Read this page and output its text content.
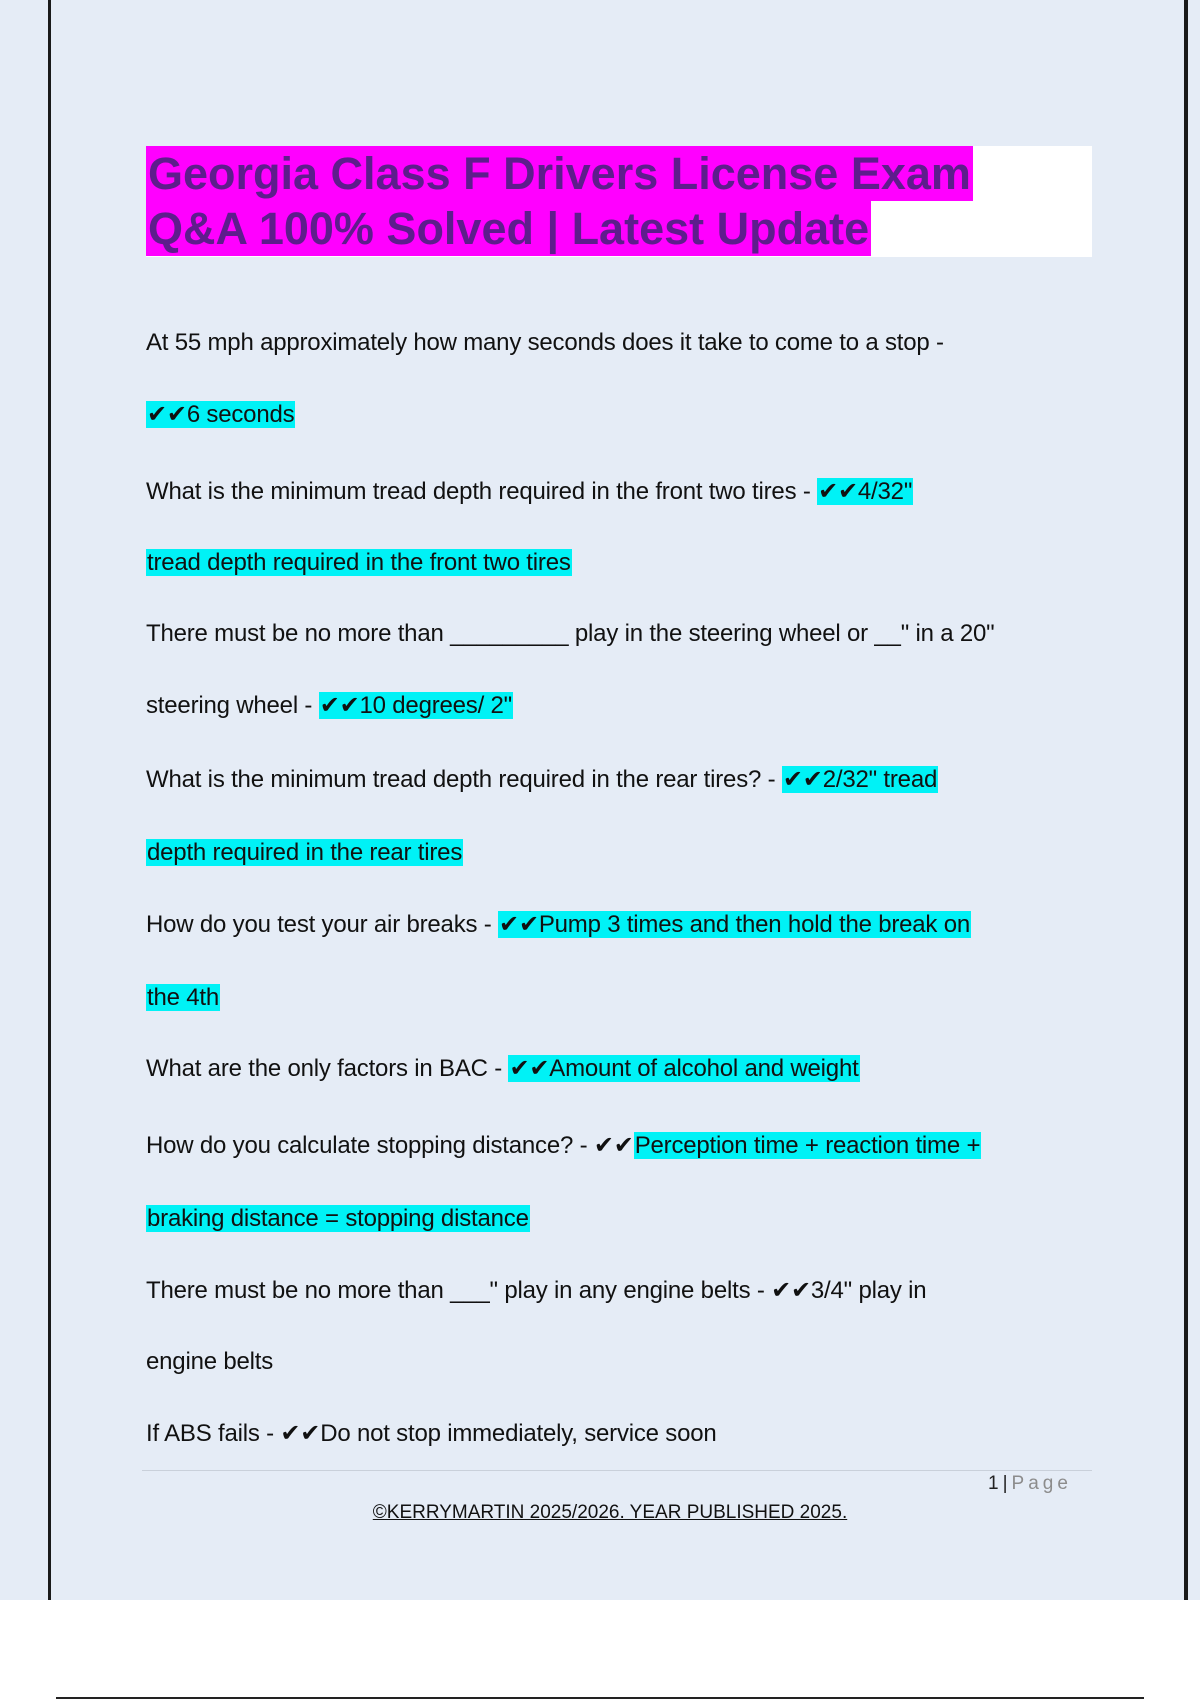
Georgia Class F Drivers License Exam
Q&A 100% Solved | Latest Update
At 55 mph approximately how many seconds does it take to come to a stop -
✔✔6 seconds
What is the minimum tread depth required in the front two tires - ✔✔4/32"
tread depth required in the front two tires
There must be no more than _________ play in the steering wheel or __" in a 20"
steering wheel - ✔✔10 degrees/ 2"
What is the minimum tread depth required in the rear tires? - ✔✔2/32" tread
depth required in the rear tires
How do you test your air breaks - ✔✔Pump 3 times and then hold the break on
the 4th
What are the only factors in BAC - ✔✔Amount of alcohol and weight
How do you calculate stopping distance? - ✔✔Perception time + reaction time +
braking distance = stopping distance
There must be no more than ___" play in any engine belts - ✔✔3/4" play in
engine belts
If ABS fails - ✔✔Do not stop immediately, service soon
1 | Page
©KERRYMARTIN 2025/2026. YEAR PUBLISHED 2025.
